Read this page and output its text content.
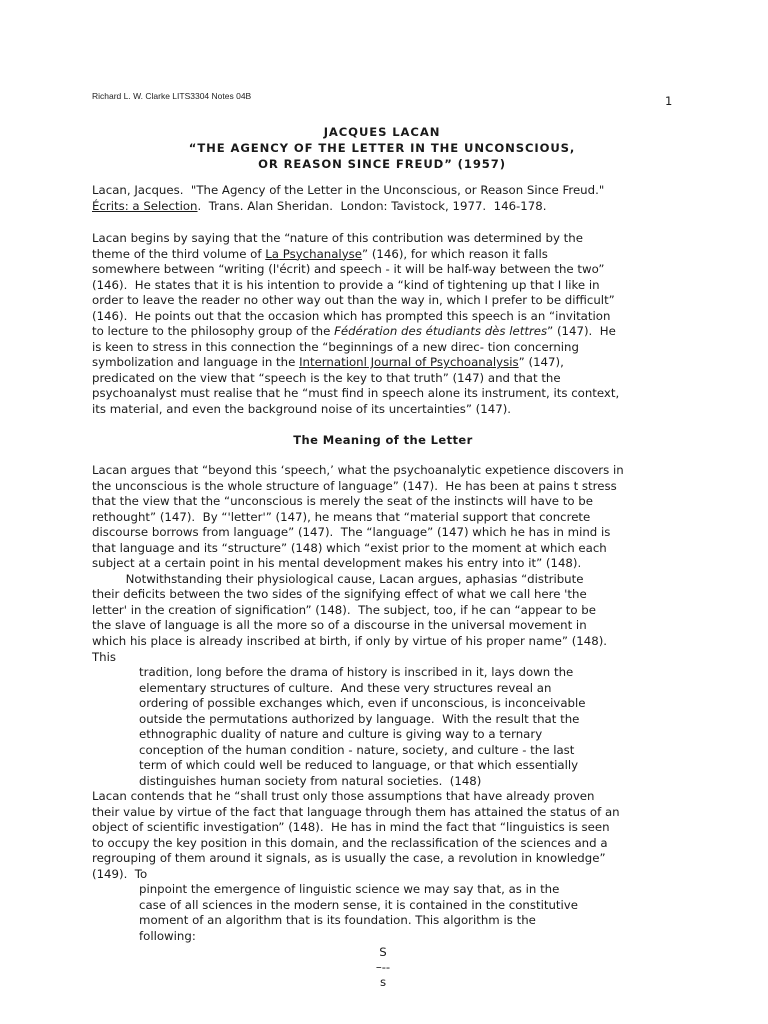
Richard L. W. Clarke LITS3304 Notes 04B	1
JACQUES LACAN
“THE AGENCY OF THE LETTER IN THE UNCONSCIOUS,
OR REASON SINCE FREUD” (1957)
Lacan, Jacques.  "The Agency of the Letter in the Unconscious, or Reason Since Freud."
Écrits: a Selection.  Trans. Alan Sheridan.  London: Tavistock, 1977.  146-178.
Lacan begins by saying that the “nature of this contribution was determined by the
theme of the third volume of La Psychanalyse” (146), for which reason it falls
somewhere between “writing (l'écrit) and speech - it will be half-way between the two”
(146).  He states that it is his intention to provide a “kind of tightening up that I like in
order to leave the reader no other way out than the way in, which I prefer to be difficult”
(146).  He points out that the occasion which has prompted this speech is an “invitation
to lecture to the philosophy group of the Fédération des étudiants dès lettres” (147).  He
is keen to stress in this connection the “beginnings of a new direc- tion concerning
symbolization and language in the Internationl Journal of Psychoanalysis” (147),
predicated on the view that “speech is the key to that truth” (147) and that the
psychoanalyst must realise that he “must find in speech alone its instrument, its context,
its material, and even the background noise of its uncertainties” (147).
The Meaning of the Letter
Lacan argues that “beyond this ‘speech,’ what the psychoanalytic expetience discovers in
the unconscious is the whole structure of language” (147).  He has been at pains t stress
that the view that the “unconscious is merely the seat of the instincts will have to be
rethought” (147).  By “'letter'” (147), he means that “material support that concrete
discourse borrows from language” (147).  The “language” (147) which he has in mind is
that language and its “structure” (148) which “exist prior to the moment at which each
subject at a certain point in his mental development makes his entry into it” (148).
Notwithstanding their physiological cause, Lacan argues, aphasias “distribute
their deficits between the two sides of the signifying effect of what we call here 'the
letter' in the creation of signification” (148).  The subject, too, if he can “appear to be
the slave of language is all the more so of a discourse in the universal movement in
which his place is already inscribed at birth, if only by virtue of his proper name” (148).
This
tradition, long before the drama of history is inscribed in it, lays down the
elementary structures of culture.  And these very structures reveal an
ordering of possible exchanges which, even if unconscious, is inconceivable
outside the permutations authorized by language.  With the result that the
ethnographic duality of nature and culture is giving way to a ternary
conception of the human condition - nature, society, and culture - the last
term of which could well be reduced to language, or that which essentially
distinguishes human society from natural societies.  (148)
Lacan contends that he “shall trust only those assumptions that have already proven
their value by virtue of the fact that language through them has attained the status of an
object of scientific investigation” (148).  He has in mind the fact that “linguistics is seen
to occupy the key position in this domain, and the reclassification of the sciences and a
regrouping of them around it signals, as is usually the case, a revolution in knowledge”
(149).  To
pinpoint the emergence of linguistic science we may say that, as in the
case of all sciences in the modern sense, it is contained in the constitutive
moment of an algorithm that is its foundation. This algorithm is the
following:
S
–--
s
